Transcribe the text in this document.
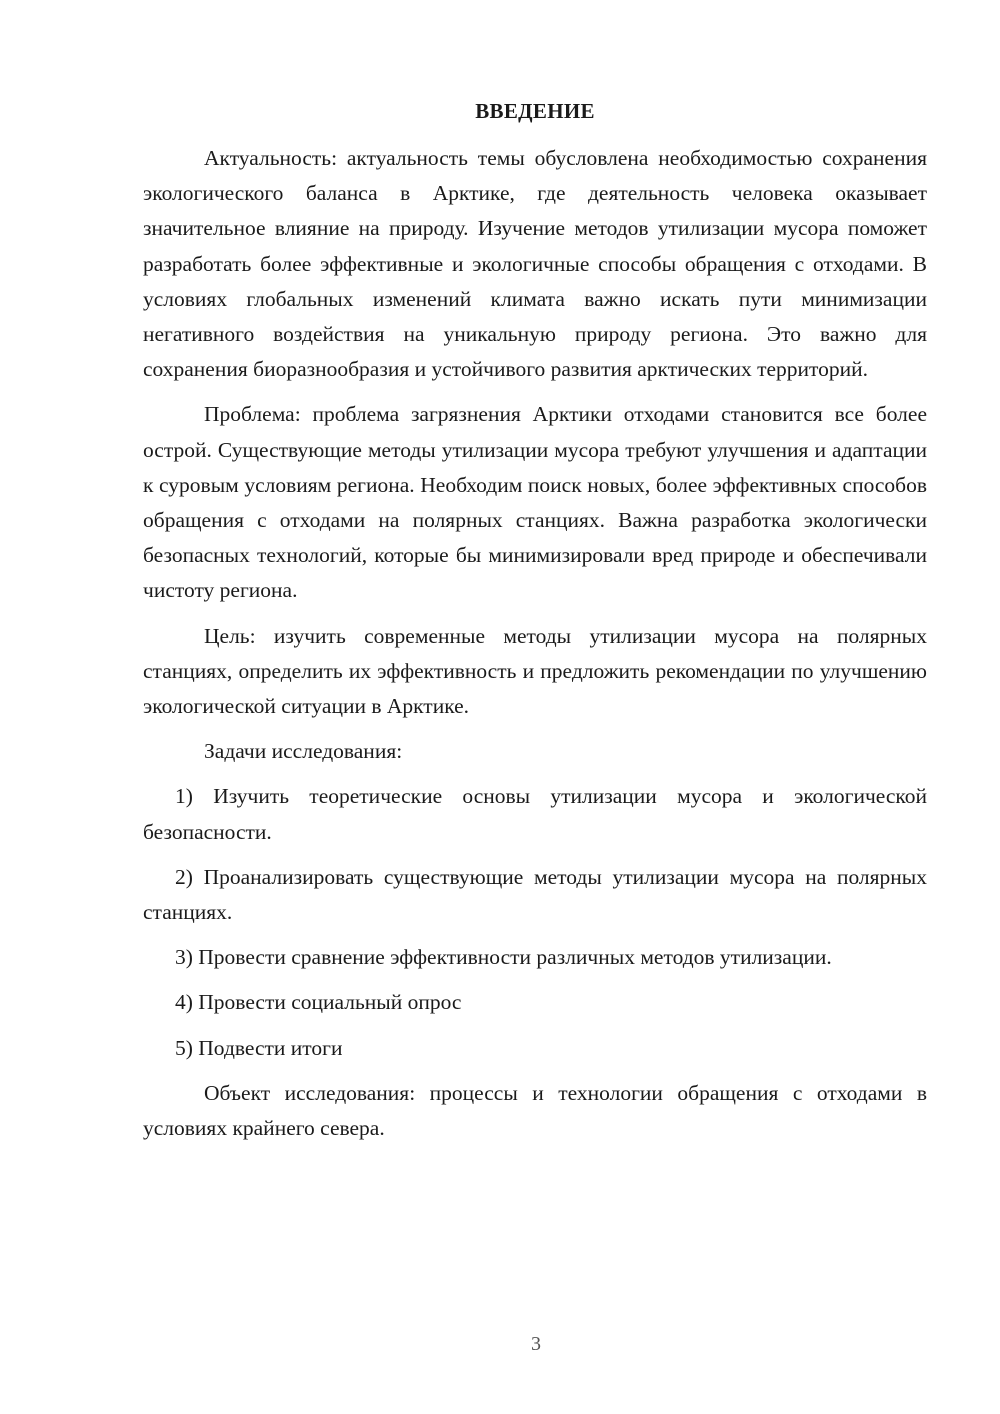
ВВЕДЕНИЕ

Актуальность: актуальность темы обусловлена необходимостью сохранения экологического баланса в Арктике, где деятельность человека оказывает значительное влияние на природу. Изучение методов утилизации мусора поможет разработать более эффективные и экологичные способы обращения с отходами. В условиях глобальных изменений климата важно искать пути минимизации негативного воздействия на уникальную природу региона. Это важно для сохранения биоразнообразия и устойчивого развития арктических территорий.

Проблема: проблема загрязнения Арктики отходами становится все более острой. Существующие методы утилизации мусора требуют улучшения и адаптации к суровым условиям региона. Необходим поиск новых, более эффективных способов обращения с отходами на полярных станциях. Важна разработка экологически безопасных технологий, которые бы минимизировали вред природе и обеспечивали чистоту региона.

Цель: изучить современные методы утилизации мусора на полярных станциях, определить их эффективность и предложить рекомендации по улучшению экологической ситуации в Арктике.

Задачи исследования:

1) Изучить теоретические основы утилизации мусора и экологической безопасности.

2) Проанализировать существующие методы утилизации мусора на полярных станциях.

3) Провести сравнение эффективности различных методов утилизации.

4) Провести социальный опрос

5) Подвести итоги

Объект исследования: процессы и технологии обращения с отходами в условиях крайнего севера.

3
